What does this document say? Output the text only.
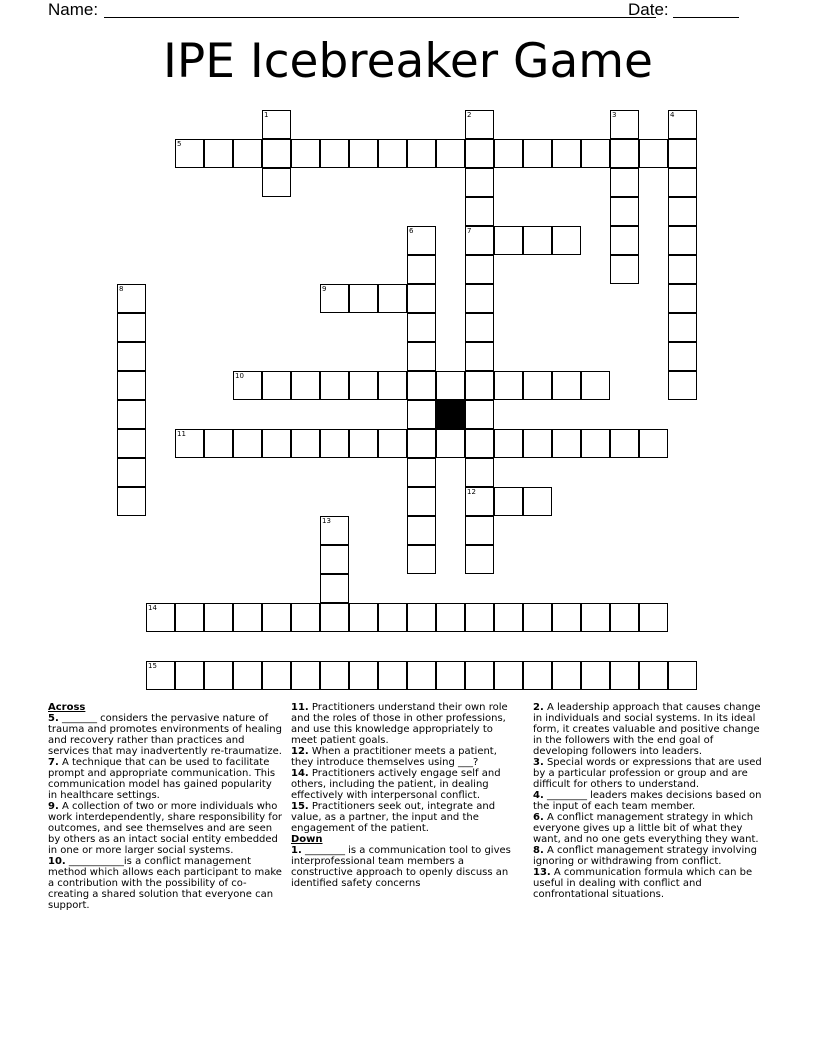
Name:	Date:
IPE Icebreaker Game
5
7
9
10
11
12
14
15
1	2	3	4
6
8
13
Across
5. _______ considers the pervasive nature of trauma and promotes environments of healing and recovery rather than practices and services that may inadvertently re-traumatize.
7. A technique that can be used to facilitate prompt and appropriate communication. This communication model has gained popularity in healthcare settings.
9. A collection of two or more individuals who work interdependently, share responsibility for outcomes, and see themselves and are seen by others as an intact social entity embedded in one or more larger social systems.
10. ___________is a conflict management method which allows each participant to make a contribution with the possibility of co-creating a shared solution that everyone can support.
11. Practitioners understand their own role and the roles of those in other professions, and use this knowledge appropriately to meet patient goals.
12. When a practitioner meets a patient, they introduce themselves using ___?
14. Practitioners actively engage self and others, including the patient, in dealing effectively with interpersonal conflict.
15. Practitioners seek out, integrate and value, as a partner, the input and the engagement of the patient.
Down
1. ________ is a communication tool to gives interprofessional team members a constructive approach to openly discuss an identified safety concerns
2. A leadership approach that causes change in individuals and social systems. In its ideal form, it creates valuable and positive change in the followers with the end goal of developing followers into leaders.
3. Special words or expressions that are used by a particular profession or group and are difficult for others to understand.
4. ________ leaders makes decisions based on the input of each team member.
6. A conflict management strategy in which everyone gives up a little bit of what they want, and no one gets everything they want.
8. A conflict management strategy involving ignoring or withdrawing from conflict.
13. A communication formula which can be useful in dealing with conflict and confrontational situations.
